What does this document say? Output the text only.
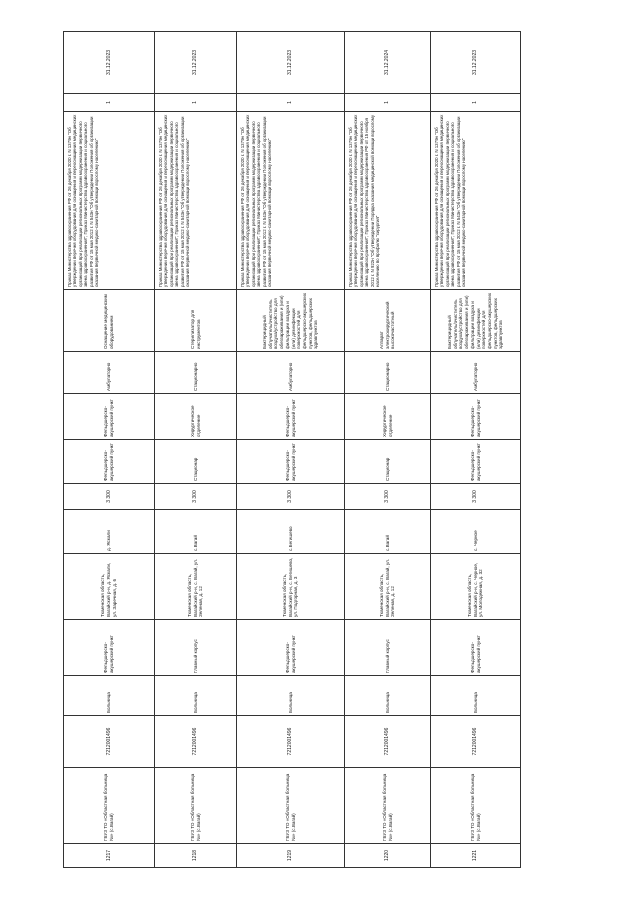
1217	ГБУЗ ТО «Областная больница №» (с.Вагай)	7212001496	Больница	Фельдшерско-акушерский пункт	Тюменская область, Вагайский р-н, д. Яскали, ул. Заречная, д. 6	д. Яскали	3 300	Фельдшерско-акушерский пункт	Фельдшерско-акушерский пункт	Амбулаторно	Оснащение медицинским оборудованием	Приказ Министерства здравоохранения РФ от 26 декабря 2020 г. N 1379н "Об утверждении перечня оборудования для оснащения и переоснащения медицинских организаций при реализации региональных программ модернизации первичного звена здравоохранения"; Приказ Министерства здравоохранения и социального развития РФ от 15 мая 2012 г. N 543н "Об утверждении Положения об организации оказания первичной медико-санитарной помощи взрослому населению"	1	31.12.2023
1218	ГБУЗ ТО «Областная больница №» (с.Вагай)	7212001496	Больница	Главный корпус	Тюменская область, Вагайский р-н, с. Вагай, ул. Зеленая, д. 12	с.Вагай	3 300	Стационар	Хирургическое отделение	Стационарно	Стерилизатор для инструментов	Приказ Министерства здравоохранения РФ от 26 декабря 2020 г. N 1379н "Об утверждении перечня оборудования для оснащения и переоснащения медицинских организаций при реализации региональных программ модернизации первичного звена здравоохранения"; Приказ Министерства здравоохранения и социального развития РФ от 15 мая 2012 г. N 543н "Об утверждении Положения об организации оказания первичной медико-санитарной помощи взрослому населению"	1	31.12.2023
1219	ГБУЗ ТО «Областная больница №» (с.Вагай)	7212001496	Больница	Фельдшерско-акушерский пункт	Тюменская область, Вагайский р-н, с. Бегишево, ул. Подгорная, д. 3	с.Бегишево	3 300	Фельдшерско-акушерский пункт	Фельдшерско-акушерский пункт	Амбулаторно	Бактерицидный облучатель/очиститель воздуха/устройство для обеззараживания и (или) фильтрации воздуха и (или) дезинфекции поверхностей для фельдшерско-акушерских пунктов, фельдшерских здравпунктов	Приказ Министерства здравоохранения РФ от 26 декабря 2020 г. N 1379н "Об утверждении перечня оборудования для оснащения и переоснащения медицинских организаций при реализации региональных программ модернизации первичного звена здравоохранения"; Приказ Министерства здравоохранения и социального развития РФ от 15 мая 2012 г. N 543н "Об утверждении Положения об организации оказания первичной медико-санитарной помощи взрослому населению"	1	31.12.2023
1220	ГБУЗ ТО «Областная больница №» (с.Вагай)	7212001496	Больница	Главный корпус	Тюменская область, Вагайский р-н, с. Вагай, ул. Зеленая, д. 12	с.Вагай	3 300	Стационар	Хирургическое отделение	Стационарно	Аппарат электрохирургический высокочастотный	Приказ Министерства здравоохранения РФ от 26 декабря 2020 г. N 1379н "Об утверждении перечня оборудования для оснащения и переоснащения медицинских организаций при реализации региональных программ модернизации первичного звена здравоохранения"; Приказ Министерства здравоохранения РФ от 15 ноября 2012 г. N 922н "Об утверждении Порядка оказания медицинской помощи взрослому населению по профилю "хирургия"	1	31.12.2024
1221	ГБУЗ ТО «Областная больница №» (с.Вагай)	7212001496	Больница	Фельдшерско-акушерский пункт	Тюменская область, Вагайский р-н, с. Черное, ул. Молодежная, д. 32	с. Черное	3 300	Фельдшерско-акушерский пункт	Фельдшерско-акушерский пункт	Амбулаторно	Бактерицидный облучатель/очиститель воздуха/устройство для обеззараживания и (или) фильтрации воздуха и (или) дезинфекции поверхностей для фельдшерско-акушерских пунктов, фельдшерских здравпунктов	Приказ Министерства здравоохранения РФ от 26 декабря 2020 г. N 1379н "Об утверждении перечня оборудования для оснащения и переоснащения медицинских организаций при реализации региональных программ модернизации первичного звена здравоохранения"; Приказ Министерства здравоохранения и социального развития РФ от 15 мая 2012 г. N 543н "Об утверждении Положения об организации оказания первичной медико-санитарной помощи взрослому населению"	1	31.12.2023
